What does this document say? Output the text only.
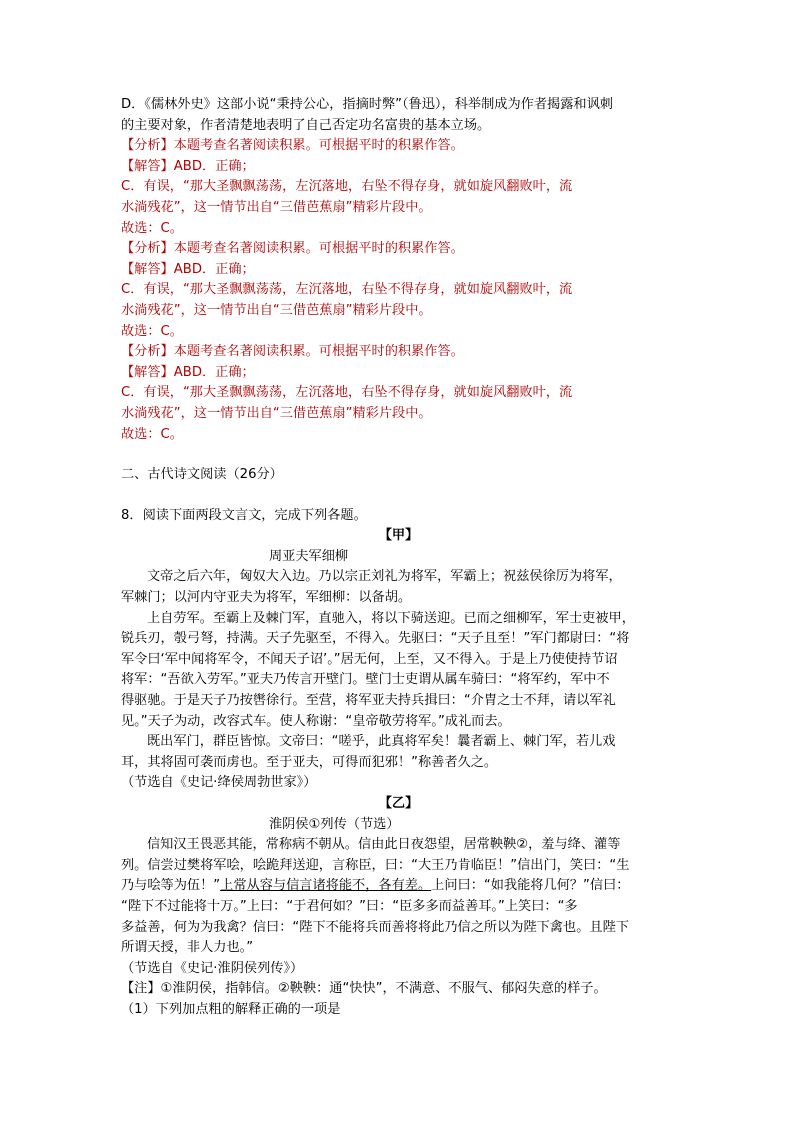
D．《儒林外史》这部小说“秉持公心，指摘时弊”（鲁迅），科举制成为作者揭露和讽刺
的主要对象，作者清楚地表明了自己否定功名富贵的基本立场。
【分析】本题考查名著阅读积累。可根据平时的积累作答。
【解答】ABD．正确；
C．有误，“那大圣飘飘荡荡，左沉落地，右坠不得存身，就如旋风翻败叶，流
水淌残花”，这一情节出自“三借芭蕉扇”精彩片段中。
故选：C。
【分析】本题考查名著阅读积累。可根据平时的积累作答。
【解答】ABD．正确；
C．有误，“那大圣飘飘荡荡，左沉落地，右坠不得存身，就如旋风翻败叶，流
水淌残花”，这一情节出自“三借芭蕉扇”精彩片段中。
故选：C。
【分析】本题考查名著阅读积累。可根据平时的积累作答。
【解答】ABD．正确；
C．有误，“那大圣飘飘荡荡，左沉落地，右坠不得存身，就如旋风翻败叶，流
水淌残花”，这一情节出自“三借芭蕉扇”精彩片段中。
故选：C。
二、古代诗文阅读（26分）
8．阅读下面两段文言文，完成下列各题。
【甲】
周亚夫军细柳
文帝之后六年，匈奴大入边。乃以宗正刘礼为将军，军霸上；祝兹侯徐厉为将军，
军棘门；以河内守亚夫为将军，军细柳：以备胡。
上自劳军。至霸上及棘门军，直驰入，将以下骑送迎。已而之细柳军，军士吏被甲，
锐兵刃，彀弓弩，持满。天子先驱至，不得入。先驱曰：“天子且至！”军门都尉曰：“将
军令曰‘军中闻将军令，不闻天子诏’。”居无何，上至，又不得入。于是上乃使使持节诏
将军：“吾欲入劳军。”亚夫乃传言开壁门。壁门士吏谓从属车骑曰：“将军约，军中不
得驱驰。于是天子乃按辔徐行。至营，将军亚夫持兵揖曰：“介胄之士不拜，请以军礼
见。”天子为动，改容式车。使人称谢：“皇帝敬劳将军。”成礼而去。
既出军门，群臣皆惊。文帝曰：“嗟乎，此真将军矣！曩者霸上、棘门军，若儿戏
耳，其将固可袭而虏也。至于亚夫，可得而犯邪！”称善者久之。
（节选自《史记·绛侯周勃世家》）
【乙】
淮阴侯①列传（节选）
信知汉王畏恶其能，常称病不朝从。信由此日夜怨望，居常鞅鞅②，羞与绛、灌等
列。信尝过樊将军哙，哙跪拜送迎，言称臣，曰：“大王乃肯临臣！”信出门，笑曰：“生
乃与哙等为伍！”上常从容与信言诸将能不，各有差。上问曰：“如我能将几何？”信曰：
“陛下不过能将十万。”上曰：“于君何如？”曰：“臣多多而益善耳。”上笑曰：“多
多益善，何为为我禽？信曰：“陛下不能将兵而善将将此乃信之所以为陛下禽也。且陛下
所谓天授，非人力也。”
（节选自《史记·淮阴侯列传》）
【注】①淮阴侯，指韩信。②鞅鞅：通“快快”，不满意、不服气、郁闷失意的样子。
（1）下列加点粗的解释正确的一项是
